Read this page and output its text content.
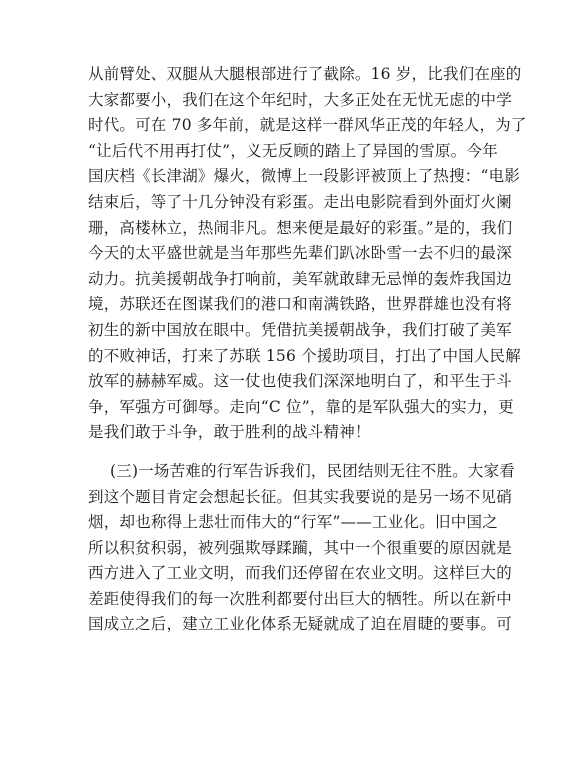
从前臂处、双腿从大腿根部进行了截除。16 岁，比我们在座的
大家都要小，我们在这个年纪时，大多正处在无忧无虑的中学
时代。可在 70 多年前，就是这样一群风华正茂的年轻人，为了
“让后代不用再打仗”，义无反顾的踏上了异国的雪原。今年
国庆档《长津湖》爆火，微博上一段影评被顶上了热搜：“电影
结束后，等了十几分钟没有彩蛋。走出电影院看到外面灯火阑
珊，高楼林立，热闹非凡。想来便是最好的彩蛋。”是的，我们
今天的太平盛世就是当年那些先辈们趴冰卧雪一去不归的最深
动力。抗美援朝战争打响前，美军就敢肆无忌惮的轰炸我国边
境，苏联还在图谋我们的港口和南满铁路，世界群雄也没有将
初生的新中国放在眼中。凭借抗美援朝战争，我们打破了美军
的不败神话，打来了苏联 156 个援助项目，打出了中国人民解
放军的赫赫军威。这一仗也使我们深深地明白了，和平生于斗
争，军强方可御辱。走向“C 位”，靠的是军队强大的实力，更
是我们敢于斗争，敢于胜利的战斗精神！
(三)一场苦难的行军告诉我们，民团结则无往不胜。大家看
到这个题目肯定会想起长征。但其实我要说的是另一场不见硝
烟，却也称得上悲壮而伟大的“行军”——工业化。旧中国之
所以积贫积弱，被列强欺辱蹂躏，其中一个很重要的原因就是
西方进入了工业文明，而我们还停留在农业文明。这样巨大的
差距使得我们的每一次胜利都要付出巨大的牺牲。所以在新中
国成立之后，建立工业化体系无疑就成了迫在眉睫的要事。可
